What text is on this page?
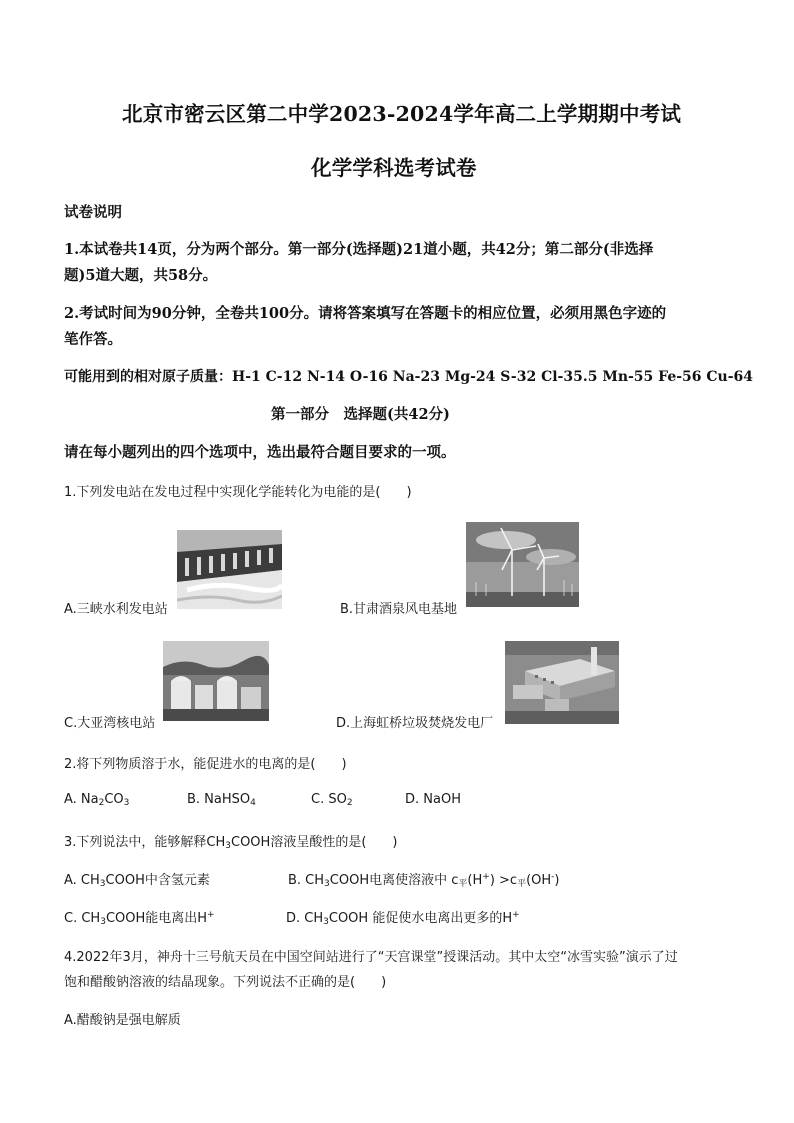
北京市密云区第二中学2023-2024学年高二上学期期中考试
化学学科选考试卷
试卷说明
1.本试卷共14页，分为两个部分。第一部分(选择题)21道小题，共42分；第二部分(非选择
题)5道大题，共58分。
2.考试时间为90分钟，全卷共100分。请将答案填写在答题卡的相应位置，必须用黑色字迹的
笔作答。
可能用到的相对原子质量：H-1 C-12 N-14 O-16 Na-23 Mg-24 S-32 Cl-35.5 Mn-55 Fe-56 Cu-64
第一部分　选择题(共42分)
请在每小题列出的四个选项中，选出最符合题目要求的一项。
1.下列发电站在发电过程中实现化学能转化为电能的是(　　)
A.三峡水利发电站	B.甘肃酒泉风电基地
C.大亚湾核电站	D.上海虹桥垃圾焚烧发电厂
2.将下列物质溶于水，能促进水的电离的是(　　)
A. $Na_2CO_3$	B. NaHSO$_4$	C. $SO_2$	D. NaOH
3.下列说法中，能够解释$CH_3COOH$溶液呈酸性的是(　　)
A. $CH_3COOH$中含氢元素	B. $CH_3COOH$电离使溶液中 $c_平(H^+) >c_平(OH^-)$
C. $CH_3COOH$能电离出H+	D. $CH_3COOH$ 能促使水电离出更多的H+
4.2022年3月，神舟十三号航天员在中国空间站进行了“天宫课堂”授课活动。其中太空“冰雪实验”演示了过
饱和醋酸钠溶液的结晶现象。下列说法不正确的是(　　)
A.醋酸钠是强电解质
